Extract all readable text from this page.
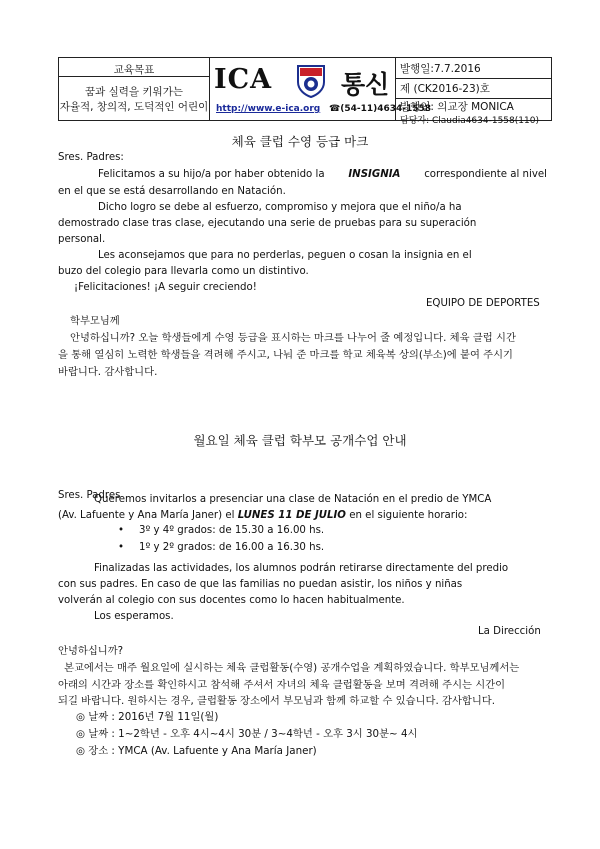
교육목표
꿈과 실력을 키워가는
자율적, 창의적, 도덕적인 어린이
ICA	통신
http://www.e-ica.org ☎(54-11)4634-1558
발행일:7.7.2016
제 (CK2016-23)호
발행인: 의교장 MONICA
담당자: Claudia4634-1558(110)
체육 클럽 수영 등급 마크
Sres. Padres:
Felicitamos a su hijo/a por haber obtenido la INSIGNIA correspondiente al nivel
en el que se está desarrollando en Natación.
Dicho logro se debe al esfuerzo, compromiso y mejora que el niño/a ha
demostrado clase tras clase, ejecutando una serie de pruebas para su superación
personal.
Les aconsejamos que para no perderlas, peguen o cosan la insignia en el
buzo del colegio para llevarla como un distintivo.
¡Felicitaciones! ¡A seguir creciendo!
EQUIPO DE DEPORTES
학부모님께
안녕하십니까? 오늘 학생들에게 수영 등급을 표시하는 마크를 나누어 줄 예정입니다. 체육 클럽 시간
을 통해 열심히 노력한 학생들을 격려해 주시고, 나눠 준 마크를 학교 체육복 상의(부소)에 붙여 주시기
바랍니다. 감사합니다.
월요일 체육 클럽 학부모 공개수업 안내
Sres. Padres
Queremos invitarlos a presenciar una clase de Natación en el predio de YMCA
(Av. Lafuente y Ana María Janer) el LUNES 11 DE JULIO en el siguiente horario:
• 3º y 4º grados: de 15.30 a 16.00 hs.
• 1º y 2º grados: de 16.00 a 16.30 hs.
Finalizadas las actividades, los alumnos podrán retirarse directamente del predio
con sus padres. En caso de que las familias no puedan asistir, los niños y niñas
volverán al colegio con sus docentes como lo hacen habitualmente.
Los esperamos.
La Dirección
안녕하십니까?
본교에서는 매주 월요일에 실시하는 체육 클럽활동(수영) 공개수업을 계획하였습니다. 학부모님께서는
아래의 시간과 장소를 확인하시고 참석해 주셔서 자녀의 체육 클럽활동을 보며 격려해 주시는 시간이
되길 바랍니다. 원하시는 경우, 클럽활동 장소에서 부모님과 함께 하교할 수 있습니다. 감사합니다.
◎ 날짜 : 2016년 7월 11일(월)
◎ 날짜 : 1~2학년 - 오후 4시~4시 30분 / 3~4학년 - 오후 3시 30분~ 4시
◎ 장소 : YMCA (Av. Lafuente y Ana María Janer)
